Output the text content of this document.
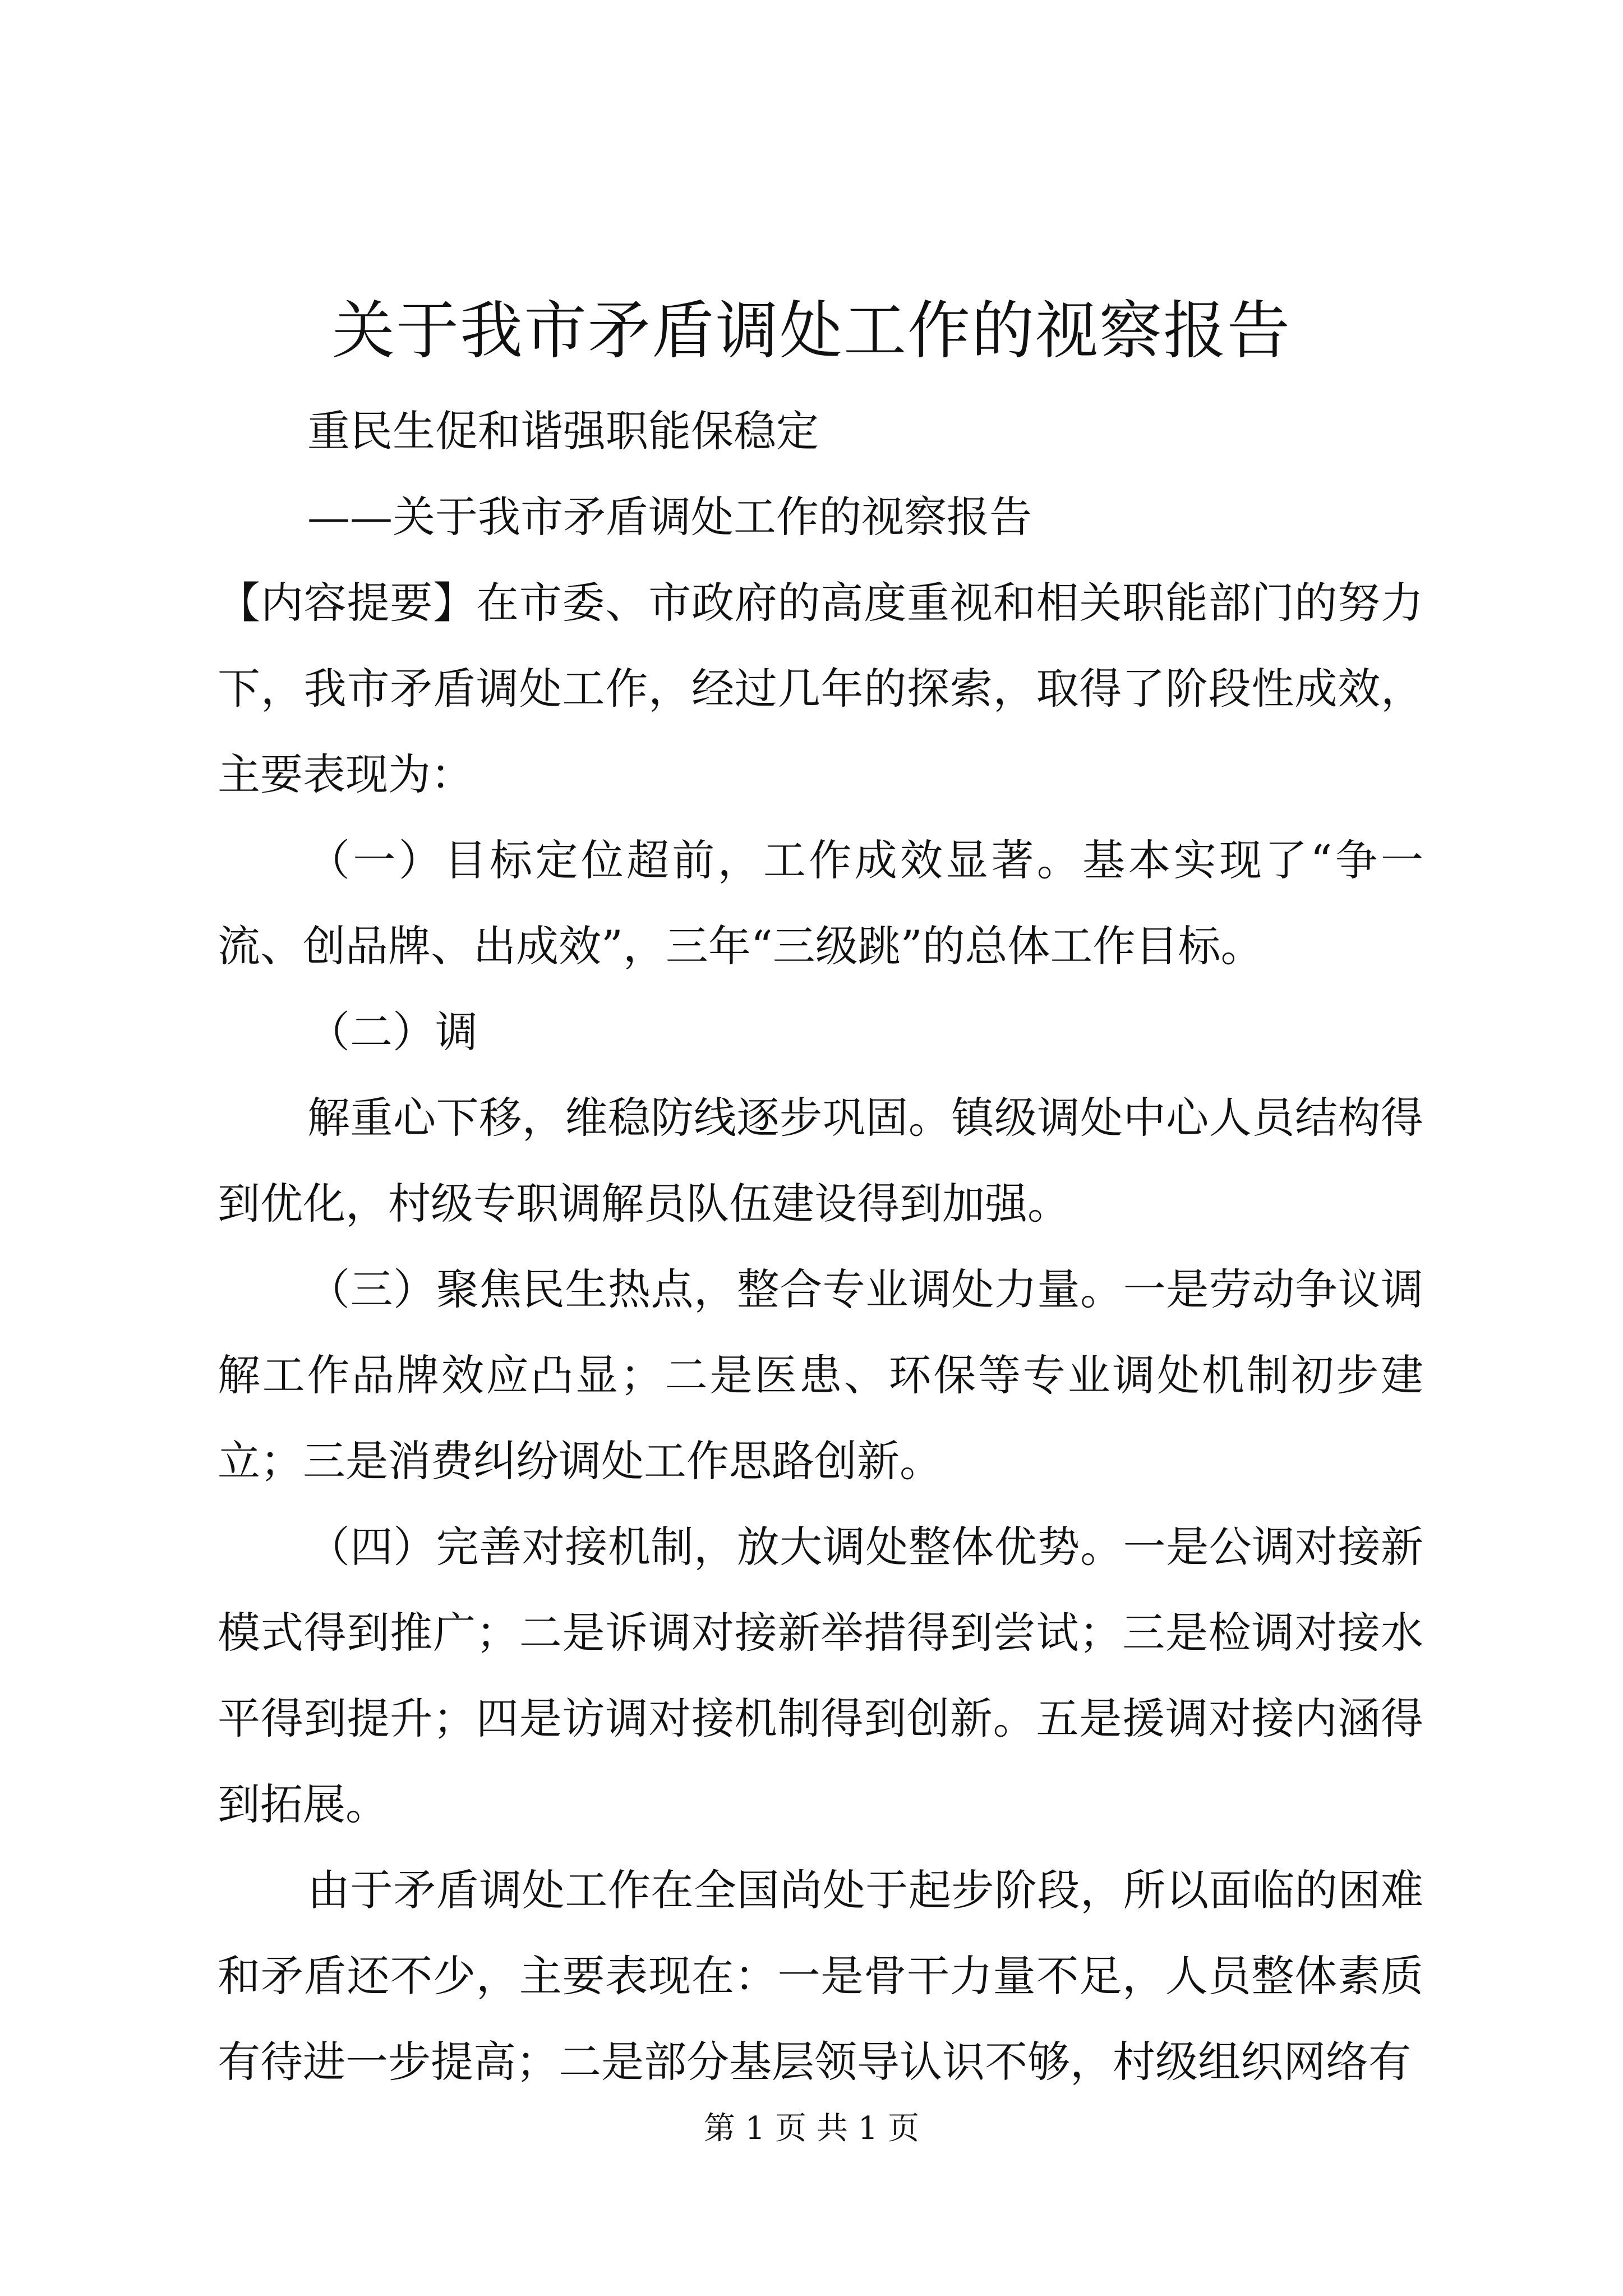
关于我市矛盾调处工作的视察报告

重民生促和谐强职能保稳定

——关于我市矛盾调处工作的视察报告

【内容提要】在市委、市政府的高度重视和相关职能部门的努力下，我市矛盾调处工作，经过几年的探索，取得了阶段性成效，主要表现为：

（一）目标定位超前，工作成效显著。基本实现了“争一流、创品牌、出成效”，三年“三级跳”的总体工作目标。

（二）调

解重心下移，维稳防线逐步巩固。镇级调处中心人员结构得到优化，村级专职调解员队伍建设得到加强。

（三）聚焦民生热点，整合专业调处力量。一是劳动争议调解工作品牌效应凸显；二是医患、环保等专业调处机制初步建立；三是消费纠纷调处工作思路创新。

（四）完善对接机制，放大调处整体优势。一是公调对接新模式得到推广；二是诉调对接新举措得到尝试；三是检调对接水平得到提升；四是访调对接机制得到创新。五是援调对接内涵得到拓展。

由于矛盾调处工作在全国尚处于起步阶段，所以面临的困难和矛盾还不少，主要表现在：一是骨干力量不足，人员整体素质有待进一步提高；二是部分基层领导认识不够，村级组织网络有

第 1 页 共 1 页
